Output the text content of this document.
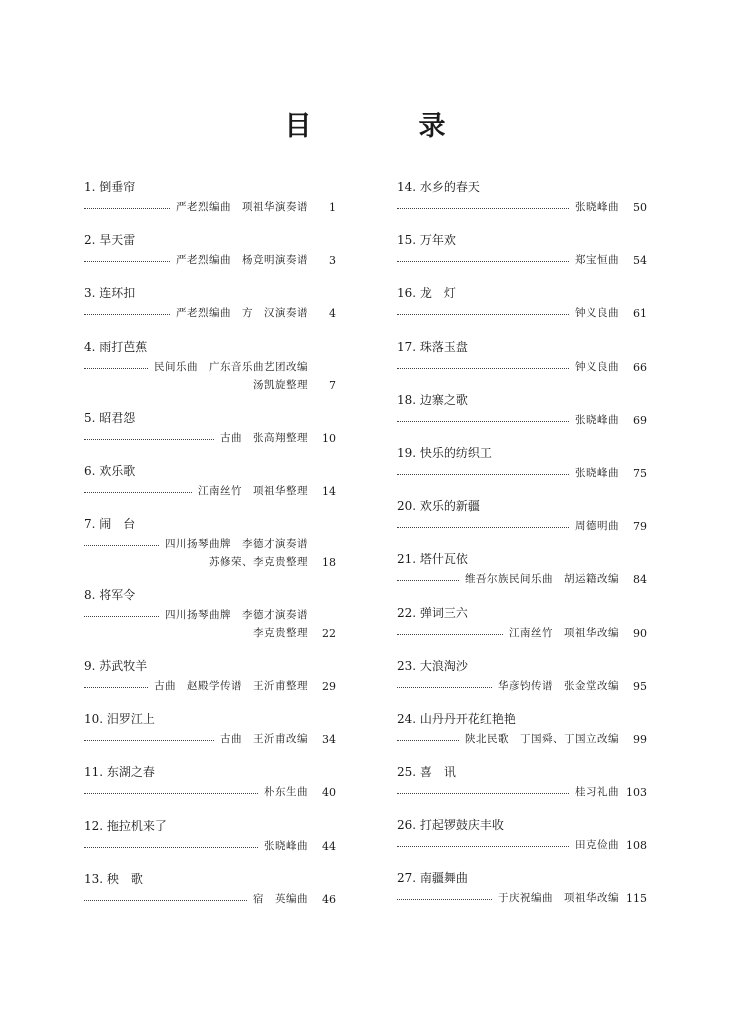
目　录
1. 倒垂帘
严老烈编曲　项祖华演奏谱	1
2. 旱天雷
严老烈编曲　杨竞明演奏谱	3
3. 连环扣
严老烈编曲　方　汉演奏谱	4
4. 雨打芭蕉
民间乐曲　广东音乐曲艺团改编
汤凯旋整理	7
5. 昭君怨
古曲　张高翔整理	10
6. 欢乐歌
江南丝竹　项祖华整理	14
7. 闹　台
四川扬琴曲牌　李德才演奏谱
苏修荣、李克贵整理	18
8. 将军令
四川扬琴曲牌　李德才演奏谱
李克贵整理	22
9. 苏武牧羊
古曲　赵殿学传谱　王沂甫整理	29
10. 汨罗江上
古曲　王沂甫改编	34
11. 东湖之春
朴东生曲	40
12. 拖拉机来了
张晓峰曲	44
13. 秧　歌
宿　英编曲	46
14. 水乡的春天
张晓峰曲	50
15. 万年欢
郑宝恒曲	54
16. 龙　灯
钟义良曲	61
17. 珠落玉盘
钟义良曲	66
18. 边寨之歌
张晓峰曲	69
19. 快乐的纺织工
张晓峰曲	75
20. 欢乐的新疆
周德明曲	79
21. 塔什瓦依
维吾尔族民间乐曲　胡运籍改编	84
22. 弹词三六
江南丝竹　项祖华改编	90
23. 大浪淘沙
华彦钧传谱　张金堂改编	95
24. 山丹丹开花红艳艳
陕北民歌　丁国舜、丁国立改编	99
25. 喜　讯
桂习礼曲 103
26. 打起锣鼓庆丰收
田克俭曲 108
27. 南疆舞曲
于庆祝编曲　项祖华改编 115
